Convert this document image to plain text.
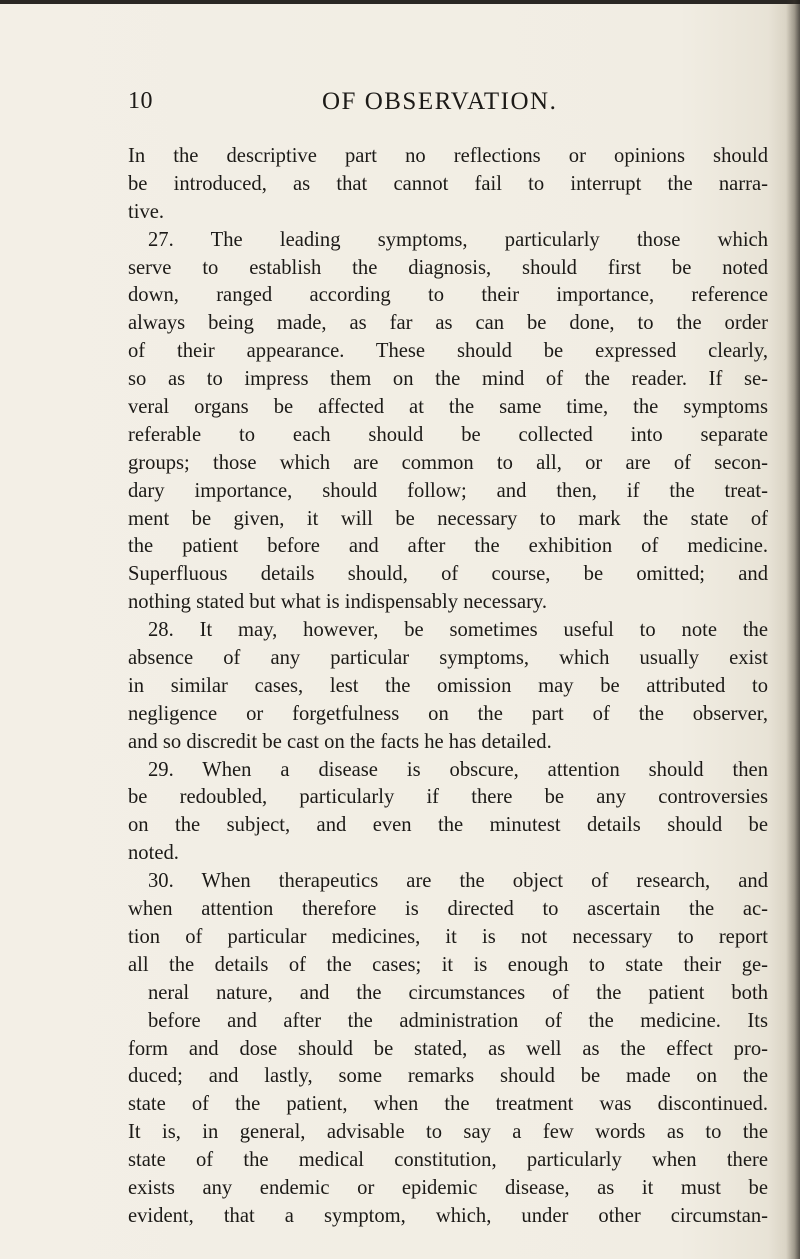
10	OF OBSERVATION.
In the descriptive part no reflections or opinions should
be introduced, as that cannot fail to interrupt the narra-
tive.
27. The leading symptoms, particularly those which
serve to establish the diagnosis, should first be noted
down, ranged according to their importance, reference
always being made, as far as can be done, to the order
of their appearance. These should be expressed clearly,
so as to impress them on the mind of the reader. If se-
veral organs be affected at the same time, the symptoms
referable to each should be collected into separate
groups; those which are common to all, or are of secon-
dary importance, should follow; and then, if the treat-
ment be given, it will be necessary to mark the state of
the patient before and after the exhibition of medicine.
Superfluous details should, of course, be omitted; and
nothing stated but what is indispensably necessary.
28. It may, however, be sometimes useful to note the
absence of any particular symptoms, which usually exist
in similar cases, lest the omission may be attributed to
negligence or forgetfulness on the part of the observer,
and so discredit be cast on the facts he has detailed.
29. When a disease is obscure, attention should then
be redoubled, particularly if there be any controversies
on the subject, and even the minutest details should be
noted.
30. When therapeutics are the object of research, and
when attention therefore is directed to ascertain the ac-
tion of particular medicines, it is not necessary to report
all the details of the cases; it is enough to state their ge-
neral nature, and the circumstances of the patient both
before and after the administration of the medicine. Its
form and dose should be stated, as well as the effect pro-
duced; and lastly, some remarks should be made on the
state of the patient, when the treatment was discontinued.
It is, in general, advisable to say a few words as to the
state of the medical constitution, particularly when there
exists any endemic or epidemic disease, as it must be
evident, that a symptom, which, under other circumstan-
